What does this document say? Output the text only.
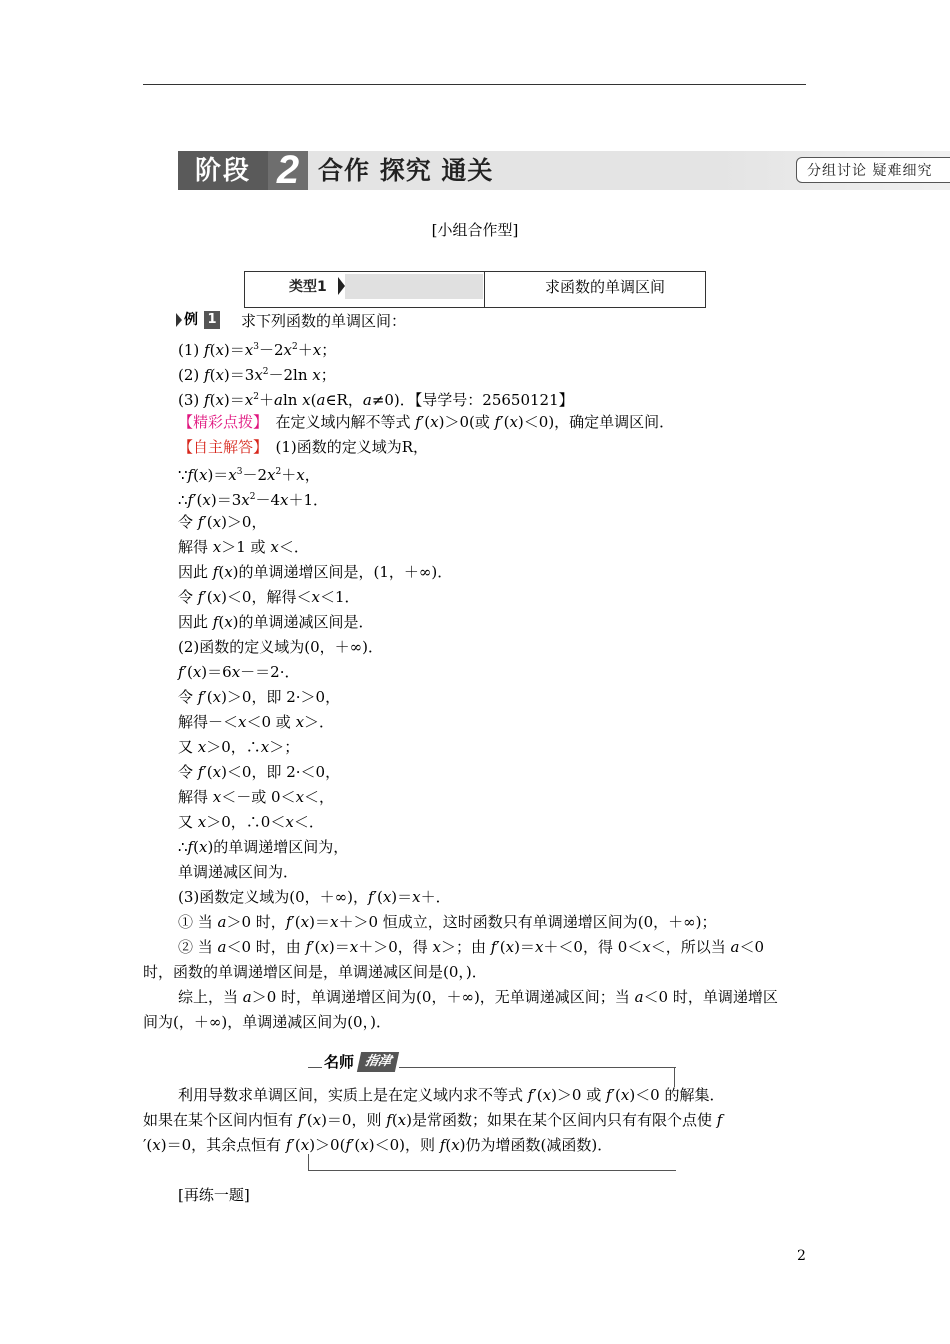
阶段 2 合作 探究 通关	分组讨论 疑难细究
[小组合作型]
类型1	求函数的单调区间
例 1 求下列函数的单调区间：
(1) $f(x)=x^3-2x^2+x$；
(2) $f(x)=3x^2-2\ln$ x；
(3) $f(x)=x^2+aln$ x(a∈R，a≠0)．【导学号：25650121】
【精彩点拨】　在定义域内解不等式 f′(x)＞0(或 f′(x)＜0)，确定单调区间．
【自主解答】　(1)函数的定义域为R，
$\because f(x)=x^3-2x^2+x$，
$\therefore f'(x)=3x^2-4x+1$．
令 f′(x)＞0，
解得 x＞1 或 x＜．
因此 f(x)的单调递增区间是，(1，＋∞)．
令 f′(x)＜0，解得＜x＜1．
因此 f(x)的单调递减区间是．
(2)函数的定义域为(0，＋∞)．
f′(x)＝6x－＝2·．
令 f′(x)＞0，即 2·＞0，
解得－＜x＜0 或 x＞．
又 x＞0，∴x＞；
令 f′(x)＜0，即 2·＜0，
解得 x＜－或 0＜x＜，
又 x＞0，∴0＜x＜．
∴f(x)的单调递增区间为，
单调递减区间为．
(3)函数定义域为(0，＋∞)，f′(x)＝x＋．
① 当 a＞0 时，f′(x)＝x＋＞0 恒成立，这时函数只有单调递增区间为(0，＋∞)；
② 当 a＜0 时，由 f′(x)＝x＋＞0，得 x＞；由 f′(x)＝x＋＜0，得 0＜x＜，所以当 a＜0
时，函数的单调递增区间是，单调递减区间是(0，)．
综上，当 a＞0 时，单调递增区间为(0，＋∞)，无单调递减区间；当 a＜0 时，单调递增区
间为(，＋∞)，单调递减区间为(0，)．
名师 指津
利用导数求单调区间，实质上是在定义域内求不等式 f′(x)＞0 或 f′(x)＜0 的解集．
如果在某个区间内恒有 f′(x)＝0，则 f(x)是常函数；如果在某个区间内只有有限个点使 f
′(x)＝0，其余点恒有 f′(x)＞0(f′(x)＜0)，则 f(x)仍为增函数(减函数)．
[再练一题]
2
